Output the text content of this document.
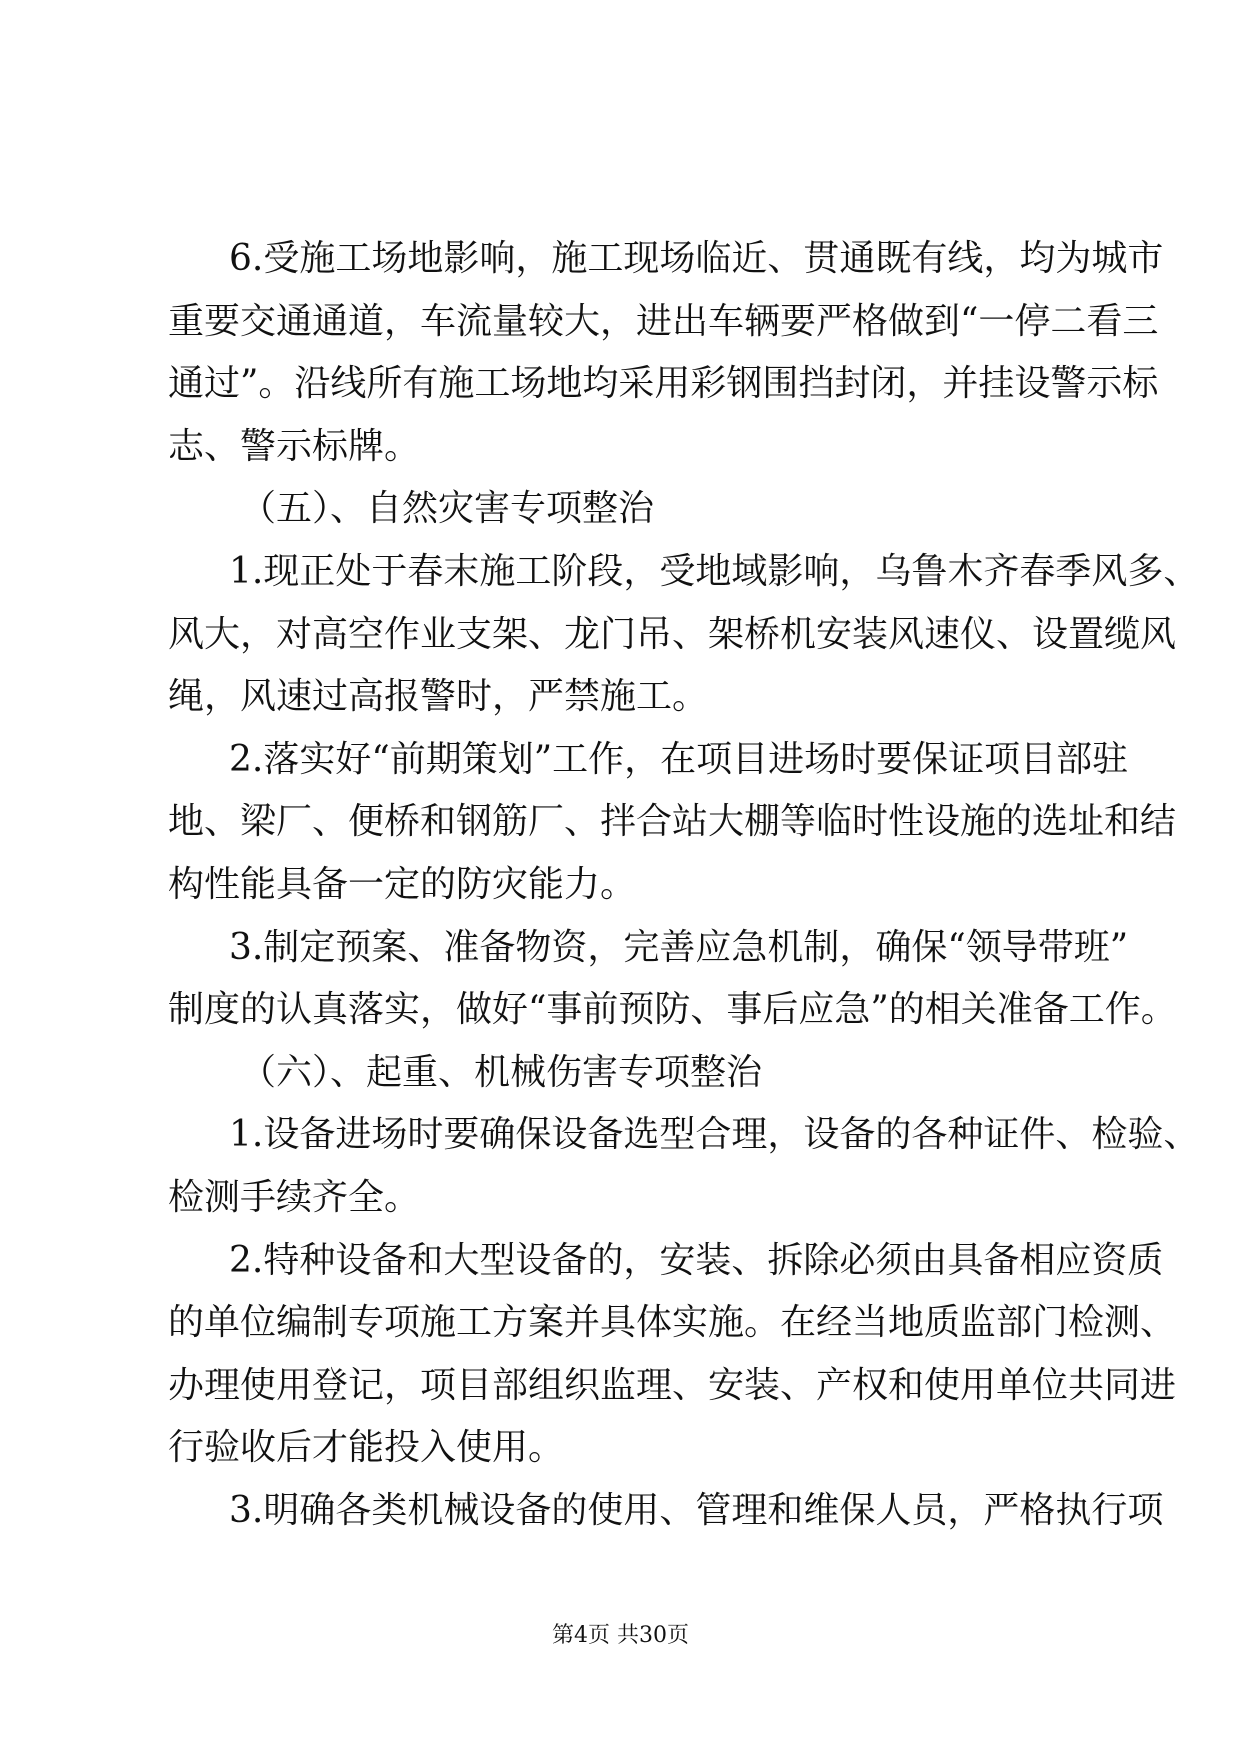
6.受施工场地影响，施工现场临近、贯通既有线，均为城市
重要交通通道，车流量较大，进出车辆要严格做到“一停二看三
通过”。沿线所有施工场地均采用彩钢围挡封闭，并挂设警示标
志、警示标牌。
（五）、自然灾害专项整治
1.现正处于春末施工阶段，受地域影响，乌鲁木齐春季风多、
风大，对高空作业支架、龙门吊、架桥机安装风速仪、设置缆风
绳，风速过高报警时，严禁施工。
2.落实好“前期策划”工作，在项目进场时要保证项目部驻
地、梁厂、便桥和钢筋厂、拌合站大棚等临时性设施的选址和结
构性能具备一定的防灾能力。
3.制定预案、准备物资，完善应急机制，确保“领导带班”
制度的认真落实，做好“事前预防、事后应急”的相关准备工作。
（六）、起重、机械伤害专项整治
1.设备进场时要确保设备选型合理，设备的各种证件、检验、
检测手续齐全。
2.特种设备和大型设备的，安装、拆除必须由具备相应资质
的单位编制专项施工方案并具体实施。在经当地质监部门检测、
办理使用登记，项目部组织监理、安装、产权和使用单位共同进
行验收后才能投入使用。
3.明确各类机械设备的使用、管理和维保人员，严格执行项
第4页 共30页
